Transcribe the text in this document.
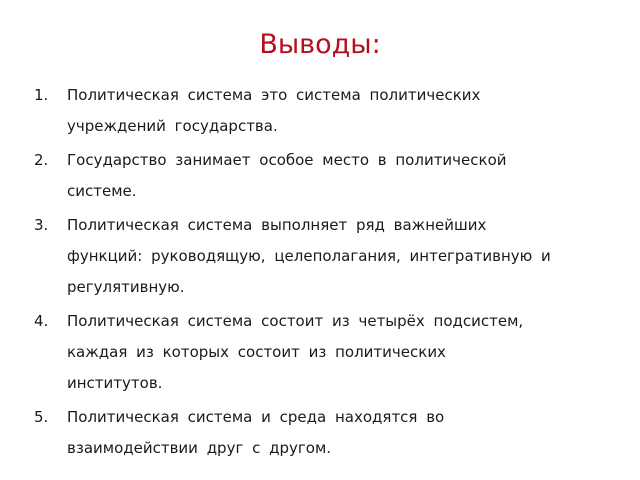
Выводы:
1.	Политическая система это система политических
учреждений государства.
2.	Государство занимает особое место в политической
системе.
3.	Политическая система выполняет ряд важнейших
функций: руководящую, целеполагания, интегративную и
регулятивную.
4.	Политическая система состоит из четырёх подсистем,
каждая из которых состоит из политических
институтов.
5.	Политическая система и среда находятся во
взаимодействии друг с другом.
